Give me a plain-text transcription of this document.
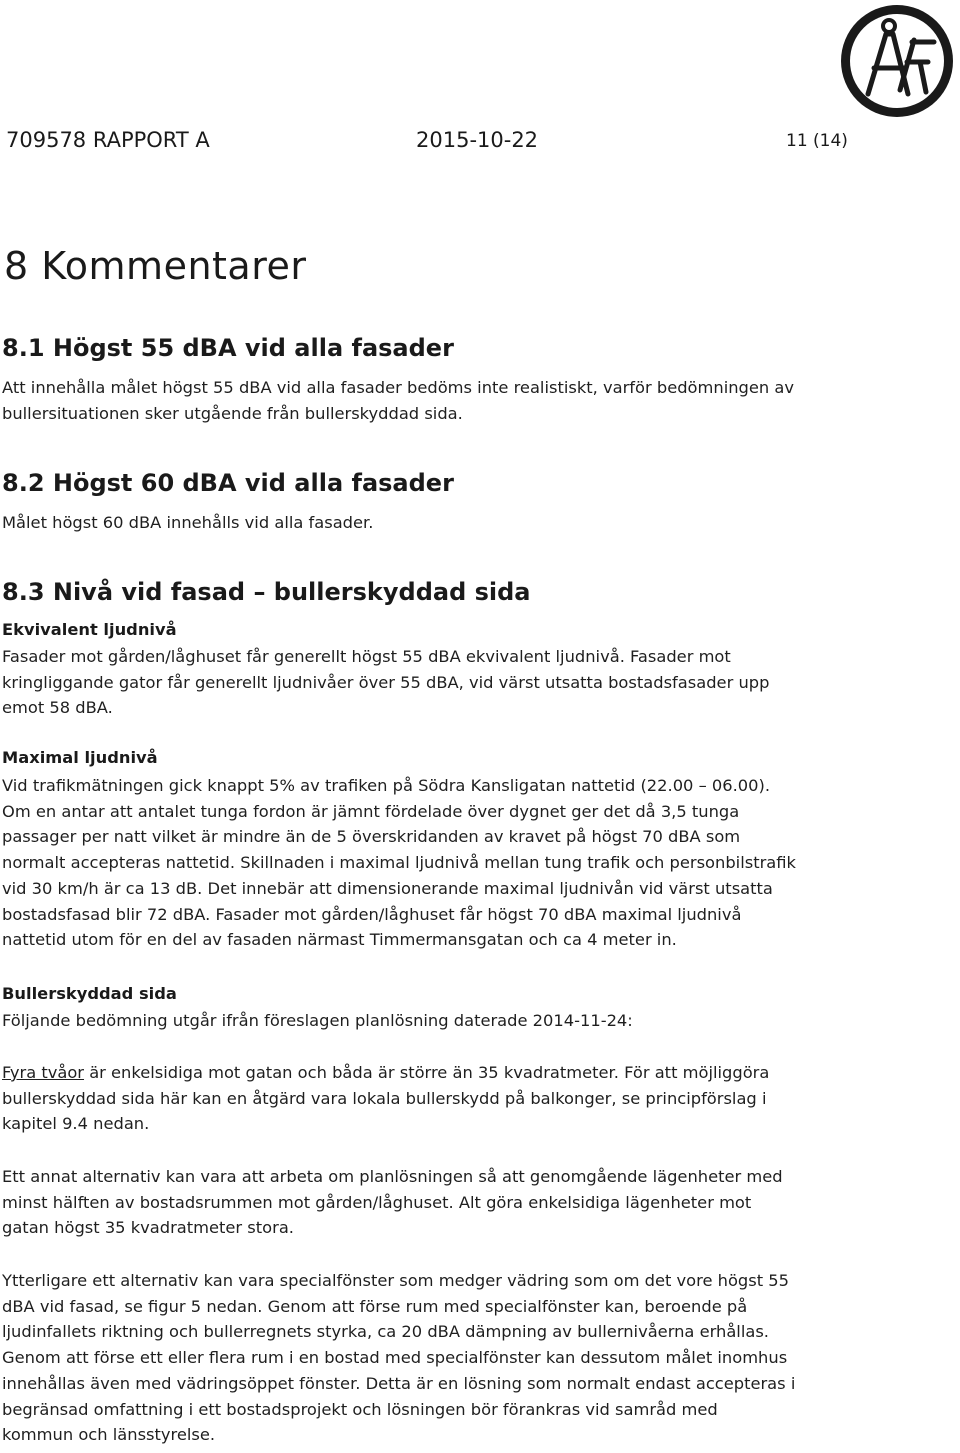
709578 RAPPORT A	2015-10-22	11 (14)
8 Kommentarer
8.1 Högst 55 dBA vid alla fasader

Att innehålla målet högst 55 dBA vid alla fasader bedöms inte realistiskt, varför bedömningen av
bullersituationen sker utgående från bullerskyddad sida.

8.2 Högst 60 dBA vid alla fasader

Målet högst 60 dBA innehålls vid alla fasader.

8.3 Nivå vid fasad – bullerskyddad sida
Ekvivalent ljudnivå

Fasader mot gården/låghuset får generellt högst 55 dBA ekvivalent ljudnivå. Fasader mot
kringliggande gator får generellt ljudnivåer över 55 dBA, vid värst utsatta bostadsfasader upp
emot 58 dBA.

Maximal ljudnivå

Vid trafikmätningen gick knappt 5% av trafiken på Södra Kansligatan nattetid (22.00 – 06.00).
Om en antar att antalet tunga fordon är jämnt fördelade över dygnet ger det då 3,5 tunga
passager per natt vilket är mindre än de 5 överskridanden av kravet på högst 70 dBA som
normalt accepteras nattetid. Skillnaden i maximal ljudnivå mellan tung trafik och personbilstrafik
vid 30 km/h är ca 13 dB. Det innebär att dimensionerande maximal ljudnivån vid värst utsatta
bostadsfasad blir 72 dBA. Fasader mot gården/låghuset får högst 70 dBA maximal ljudnivå
nattetid utom för en del av fasaden närmast Timmermansgatan och ca 4 meter in.

Bullerskyddad sida

Följande bedömning utgår ifrån föreslagen planlösning daterade 2014-11-24:

Fyra tvåor är enkelsidiga mot gatan och båda är större än 35 kvadratmeter. För att möjliggöra
bullerskyddad sida här kan en åtgärd vara lokala bullerskydd på balkonger, se principförslag i
kapitel 9.4 nedan.

Ett annat alternativ kan vara att arbeta om planlösningen så att genomgående lägenheter med
minst hälften av bostadsrummen mot gården/låghuset. Alt göra enkelsidiga lägenheter mot
gatan högst 35 kvadratmeter stora.

Ytterligare ett alternativ kan vara specialfönster som medger vädring som om det vore högst 55
dBA vid fasad, se figur 5 nedan. Genom att förse rum med specialfönster kan, beroende på
ljudinfallets riktning och bullerregnets styrka, ca 20 dBA dämpning av bullernivåerna erhållas.
Genom att förse ett eller flera rum i en bostad med specialfönster kan dessutom målet inomhus
innehållas även med vädringsöppet fönster. Detta är en lösning som normalt endast accepteras i
begränsad omfattning i ett bostadsprojekt och lösningen bör förankras vid samråd med
kommun och länsstyrelse.
